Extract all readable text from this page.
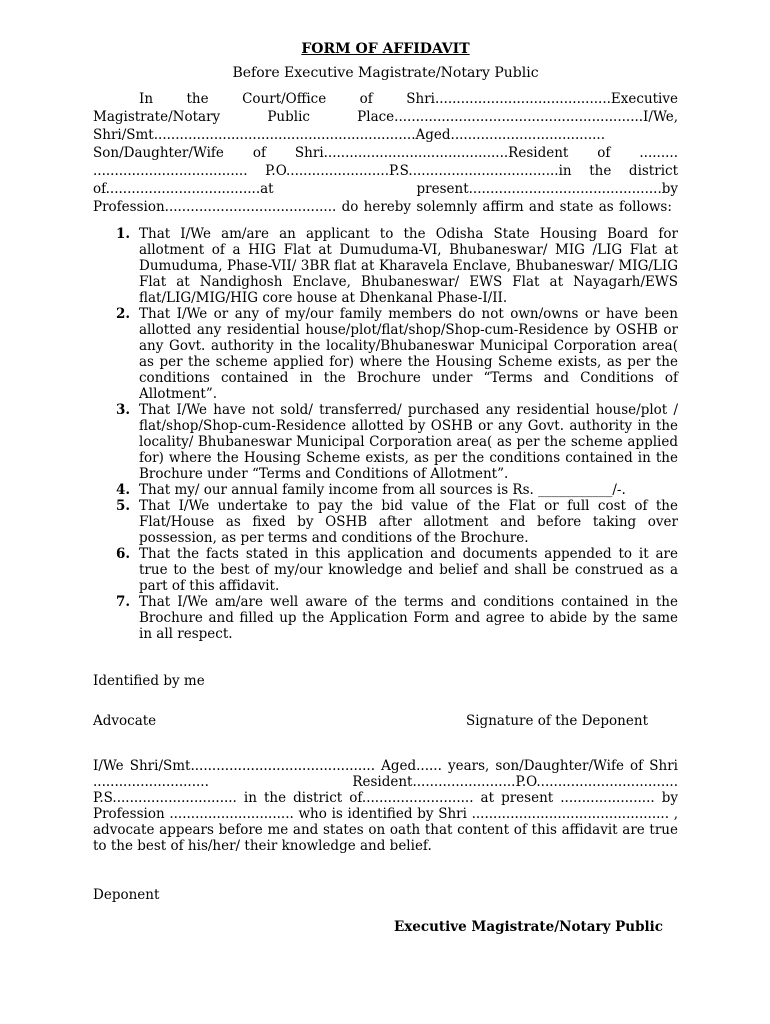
FORM OF AFFIDAVIT
Before Executive Magistrate/Notary Public

In the Court/Office of Shri.........................................Executive Magistrate/Notary Public Place..........................................................I/We, Shri/Smt.............................................................Aged.................................... Son/Daughter/Wife of Shri...........................................Resident of ......... .................................... P.O........................P.S...................................in the district of....................................at present.............................................by Profession........................................ do hereby solemnly affirm and state as follows:

That I/We am/are an applicant to the Odisha State Housing Board for allotment of a HIG Flat at Dumuduma-VI, Bhubaneswar/ MIG /LIG Flat at Dumuduma, Phase-VII/ 3BR flat at Kharavela Enclave, Bhubaneswar/ MIG/LIG Flat at Nandighosh Enclave, Bhubaneswar/ EWS Flat at Nayagarh/EWS flat/LIG/MIG/HIG core house at Dhenkanal Phase-I/II.
That I/We or any of my/our family members do not own/owns or have been allotted any residential house/plot/flat/shop/Shop-cum-Residence by OSHB or any Govt. authority in the locality/Bhubaneswar Municipal Corporation area( as per the scheme applied for) where the Housing Scheme exists, as per the conditions contained in the Brochure under “Terms and Conditions of Allotment”.
That I/We have not sold/ transferred/ purchased any residential house/plot / flat/shop/Shop-cum-Residence allotted by OSHB or any Govt. authority in the locality/ Bhubaneswar Municipal Corporation area( as per the scheme applied for) where the Housing Scheme exists, as per the conditions contained in the Brochure under “Terms and Conditions of Allotment”.
That my/ our annual family income from all sources is Rs. ___________/-.
That I/We undertake to pay the bid value of the Flat or full cost of the Flat/House as fixed by OSHB after allotment and before taking over possession, as per terms and conditions of the Brochure.
That the facts stated in this application and documents appended to it are true to the best of my/our knowledge and belief and shall be construed as a part of this affidavit.
That I/We am/are well aware of the terms and conditions contained in the Brochure and filled up the Application Form and agree to abide by the same in all respect.
Identified by me
Advocate	Signature of the Deponent
I/We Shri/Smt........................................... Aged...... years, son/Daughter/Wife of Shri ........................... Resident........................P.O................................. P.S............................. in the district of.......................... at present ...................... by Profession ............................. who is identified by Shri .............................................. , advocate appears before me and states on oath that content of this affidavit are true to the best of his/her/ their knowledge and belief.
Deponent
Executive Magistrate/Notary Public
